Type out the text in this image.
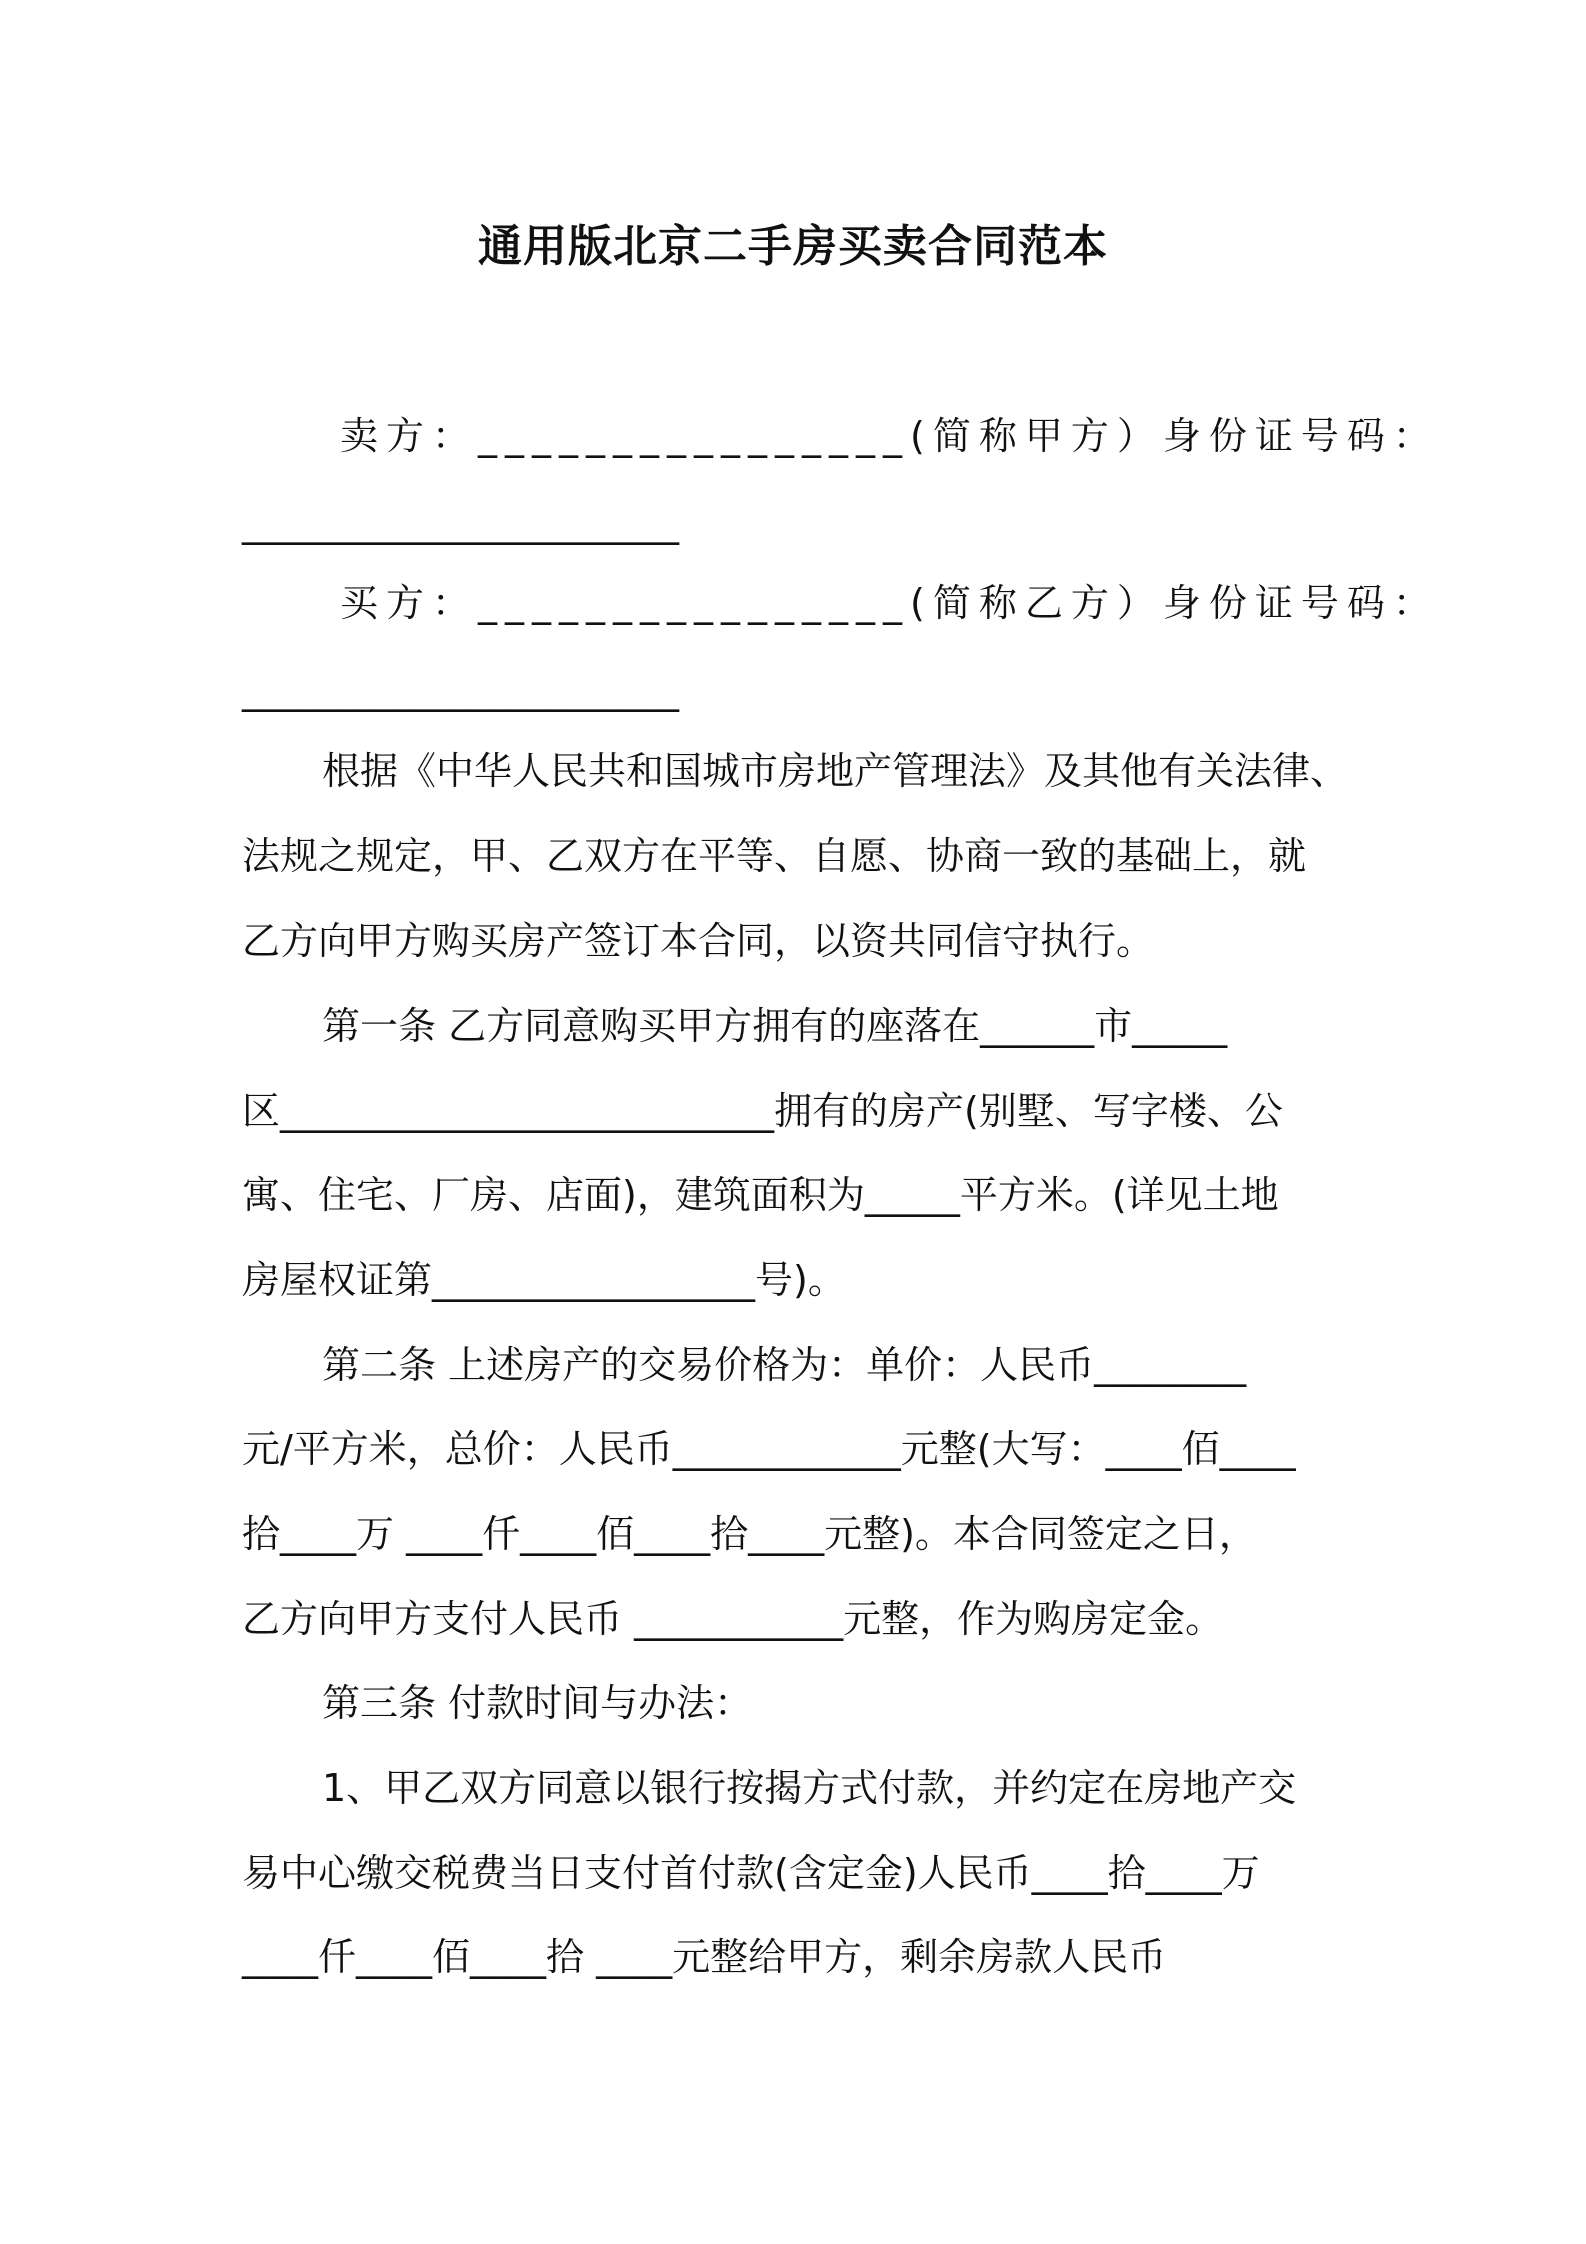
通用版北京二手房买卖合同范本
卖方：________________(简称甲方）身份证号码：
_______________________
买方：________________(简称乙方）身份证号码：
_______________________
根据《中华人民共和国城市房地产管理法》及其他有关法律、
法规之规定，甲、乙双方在平等、自愿、协商一致的基础上，就
乙方向甲方购买房产签订本合同，以资共同信守执行。
第一条 乙方同意购买甲方拥有的座落在______市_____
区__________________________拥有的房产(别墅、写字楼、公
寓、住宅、厂房、店面)，建筑面积为_____平方米。(详见土地
房屋权证第_________________号)。
第二条 上述房产的交易价格为：单价：人民币________
元/平方米，总价：人民币____________元整(大写：____佰____
拾____万 ____仟____佰____拾____元整)。本合同签定之日，
乙方向甲方支付人民币 ___________元整，作为购房定金。
第三条 付款时间与办法：
1、甲乙双方同意以银行按揭方式付款，并约定在房地产交
易中心缴交税费当日支付首付款(含定金)人民币____拾____万
____仟____佰____拾 ____元整给甲方，剩余房款人民币
